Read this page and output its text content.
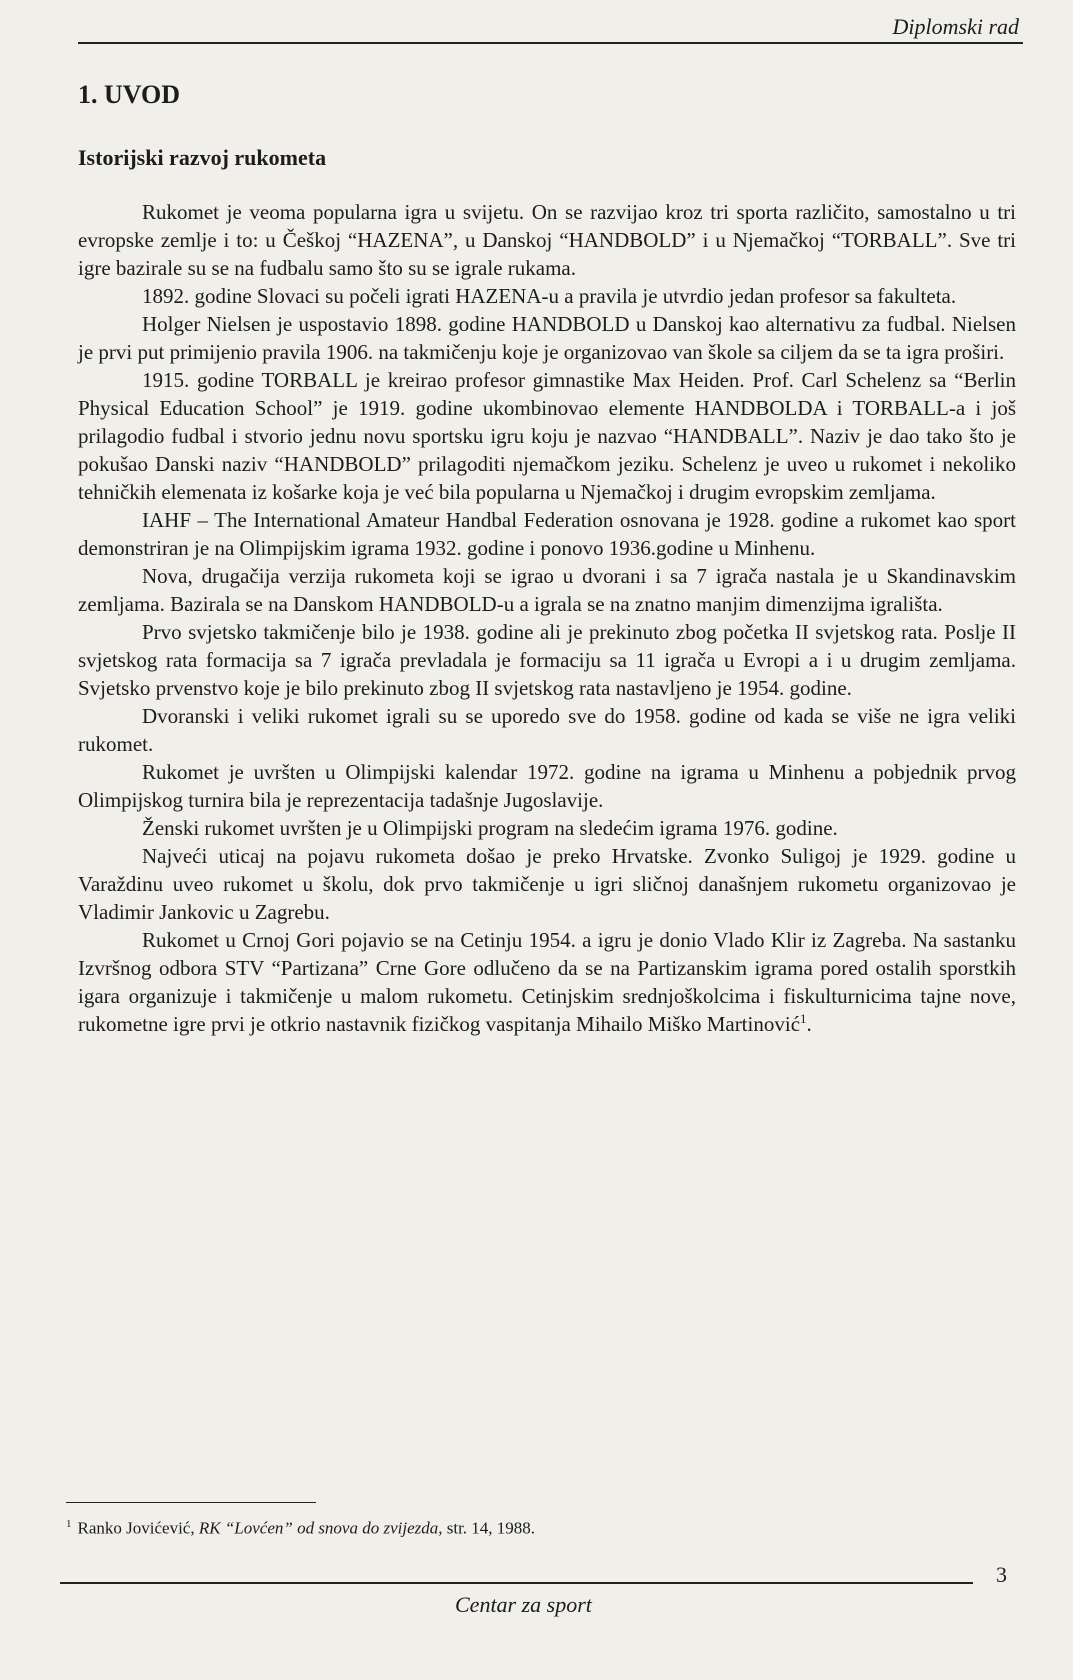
Diplomski rad
1. UVOD
Istorijski razvoj rukometa

Rukomet je veoma popularna igra u svijetu. On se razvijao kroz tri sporta različito, samostalno u tri evropske zemlje i to: u Češkoj “HAZENA”, u Danskoj “HANDBOLD” i u Njemačkoj “TORBALL”. Sve tri igre bazirale su se na fudbalu samo što su se igrale rukama.

1892. godine Slovaci su počeli igrati HAZENA-u a pravila je utvrdio jedan profesor sa fakulteta.

Holger Nielsen je uspostavio 1898. godine HANDBOLD u Danskoj kao alternativu za fudbal. Nielsen je prvi put primijenio pravila 1906. na takmičenju koje je organizovao van škole sa ciljem da se ta igra proširi.

1915. godine TORBALL je kreirao profesor gimnastike Max Heiden. Prof. Carl Schelenz sa “Berlin Physical Education School” je 1919. godine ukombinovao elemente HANDBOLDA i TORBALL-a i još prilagodio fudbal i stvorio jednu novu sportsku igru koju je nazvao “HANDBALL”. Naziv je dao tako što je pokušao Danski naziv “HANDBOLD” prilagoditi njemačkom jeziku. Schelenz je uveo u rukomet i nekoliko tehničkih elemenata iz košarke koja je već bila popularna u Njemačkoj i drugim evropskim zemljama.

IAHF – The International Amateur Handbal Federation osnovana je 1928. godine a rukomet kao sport demonstriran je na Olimpijskim igrama 1932. godine i ponovo 1936.godine u Minhenu.

Nova, drugačija verzija rukometa koji se igrao u dvorani i sa 7 igrača nastala je u Skandinavskim zemljama. Bazirala se na Danskom HANDBOLD-u a igrala se na znatno manjim dimenzijma igrališta.

Prvo svjetsko takmičenje bilo je 1938. godine ali je prekinuto zbog početka II svjetskog rata. Poslje II svjetskog rata formacija sa 7 igrača prevladala je formaciju sa 11 igrača u Evropi a i u drugim zemljama. Svjetsko prvenstvo koje je bilo prekinuto zbog II svjetskog rata nastavljeno je 1954. godine.

Dvoranski i veliki rukomet igrali su se uporedo sve do 1958. godine od kada se više ne igra veliki rukomet.

Rukomet je uvršten u Olimpijski kalendar 1972. godine na igrama u Minhenu a pobjednik prvog Olimpijskog turnira bila je reprezentacija tadašnje Jugoslavije.

Ženski rukomet uvršten je u Olimpijski program na sledećim igrama 1976. godine.

Najveći uticaj na pojavu rukometa došao je preko Hrvatske. Zvonko Suligoj je 1929. godine u Varaždinu uveo rukomet u školu, dok prvo takmičenje u igri sličnoj današnjem rukometu organizovao je Vladimir Jankovic u Zagrebu.

Rukomet u Crnoj Gori pojavio se na Cetinju 1954. a igru je donio Vlado Klir iz Zagreba. Na sastanku Izvršnog odbora STV “Partizana” Crne Gore odlučeno da se na Partizanskim igrama pored ostalih sporstkih igara organizuje i takmičenje u malom rukometu. Cetinjskim srednjoškolcima i fiskulturnicima tajne nove, rukometne igre prvi je otkrio nastavnik fizičkog vaspitanja Mihailo Miško Martinović$^1$.

$^1$ Ranko Jovićević, RK “Lovćen” od snova do zvijezda, str. 14, 1988.
3
Centar za sport
